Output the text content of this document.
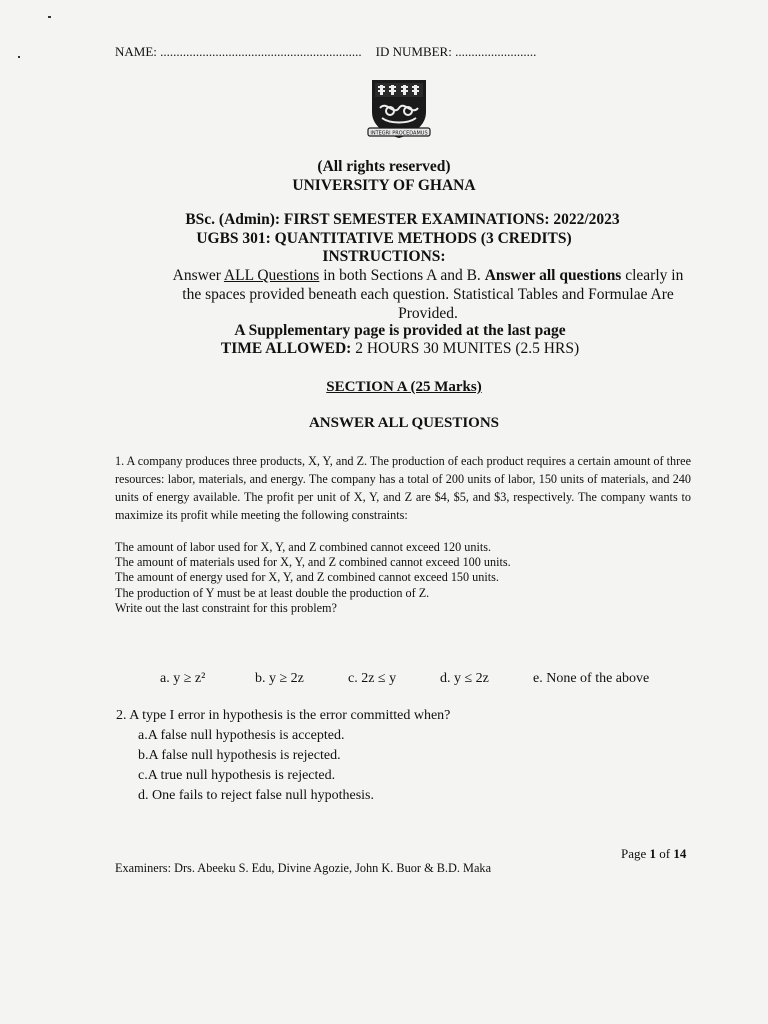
NAME: .............................................................. ID NUMBER: .........................
INTEGRI PROCEDAMUS
(All rights reserved)
UNIVERSITY OF GHANA
BSc. (Admin): FIRST SEMESTER EXAMINATIONS: 2022/2023
UGBS 301: QUANTITATIVE METHODS (3 CREDITS)
INSTRUCTIONS:
Answer ALL Questions in both Sections A and B. Answer all questions clearly in the spaces provided beneath each question. Statistical Tables and Formulae Are Provided.
A Supplementary page is provided at the last page
TIME ALLOWED: 2 HOURS 30 MUNITES (2.5 HRS)
SECTION A (25 Marks)
ANSWER ALL QUESTIONS
1. A company produces three products, X, Y, and Z. The production of each product requires a certain amount of three resources: labor, materials, and energy. The company has a total of 200 units of labor, 150 units of materials, and 240 units of energy available. The profit per unit of X, Y, and Z are $4, $5, and $3, respectively. The company wants to maximize its profit while meeting the following constraints:
The amount of labor used for X, Y, and Z combined cannot exceed 120 units.
The amount of materials used for X, Y, and Z combined cannot exceed 100 units.
The amount of energy used for X, Y, and Z combined cannot exceed 150 units.
The production of Y must be at least double the production of Z.
Write out the last constraint for this problem?
a. y ≥ z²	b. y ≥ 2z	c. 2z ≤ y	d. y ≤ 2z	e. None of the above
2. A type I error in hypothesis is the error committed when?
a.A false null hypothesis is accepted.
b.A false null hypothesis is rejected.
c.A true null hypothesis is rejected.
d. One fails to reject false null hypothesis.
Page 1 of 14
Examiners: Drs. Abeeku S. Edu, Divine Agozie, John K. Buor & B.D. Maka
